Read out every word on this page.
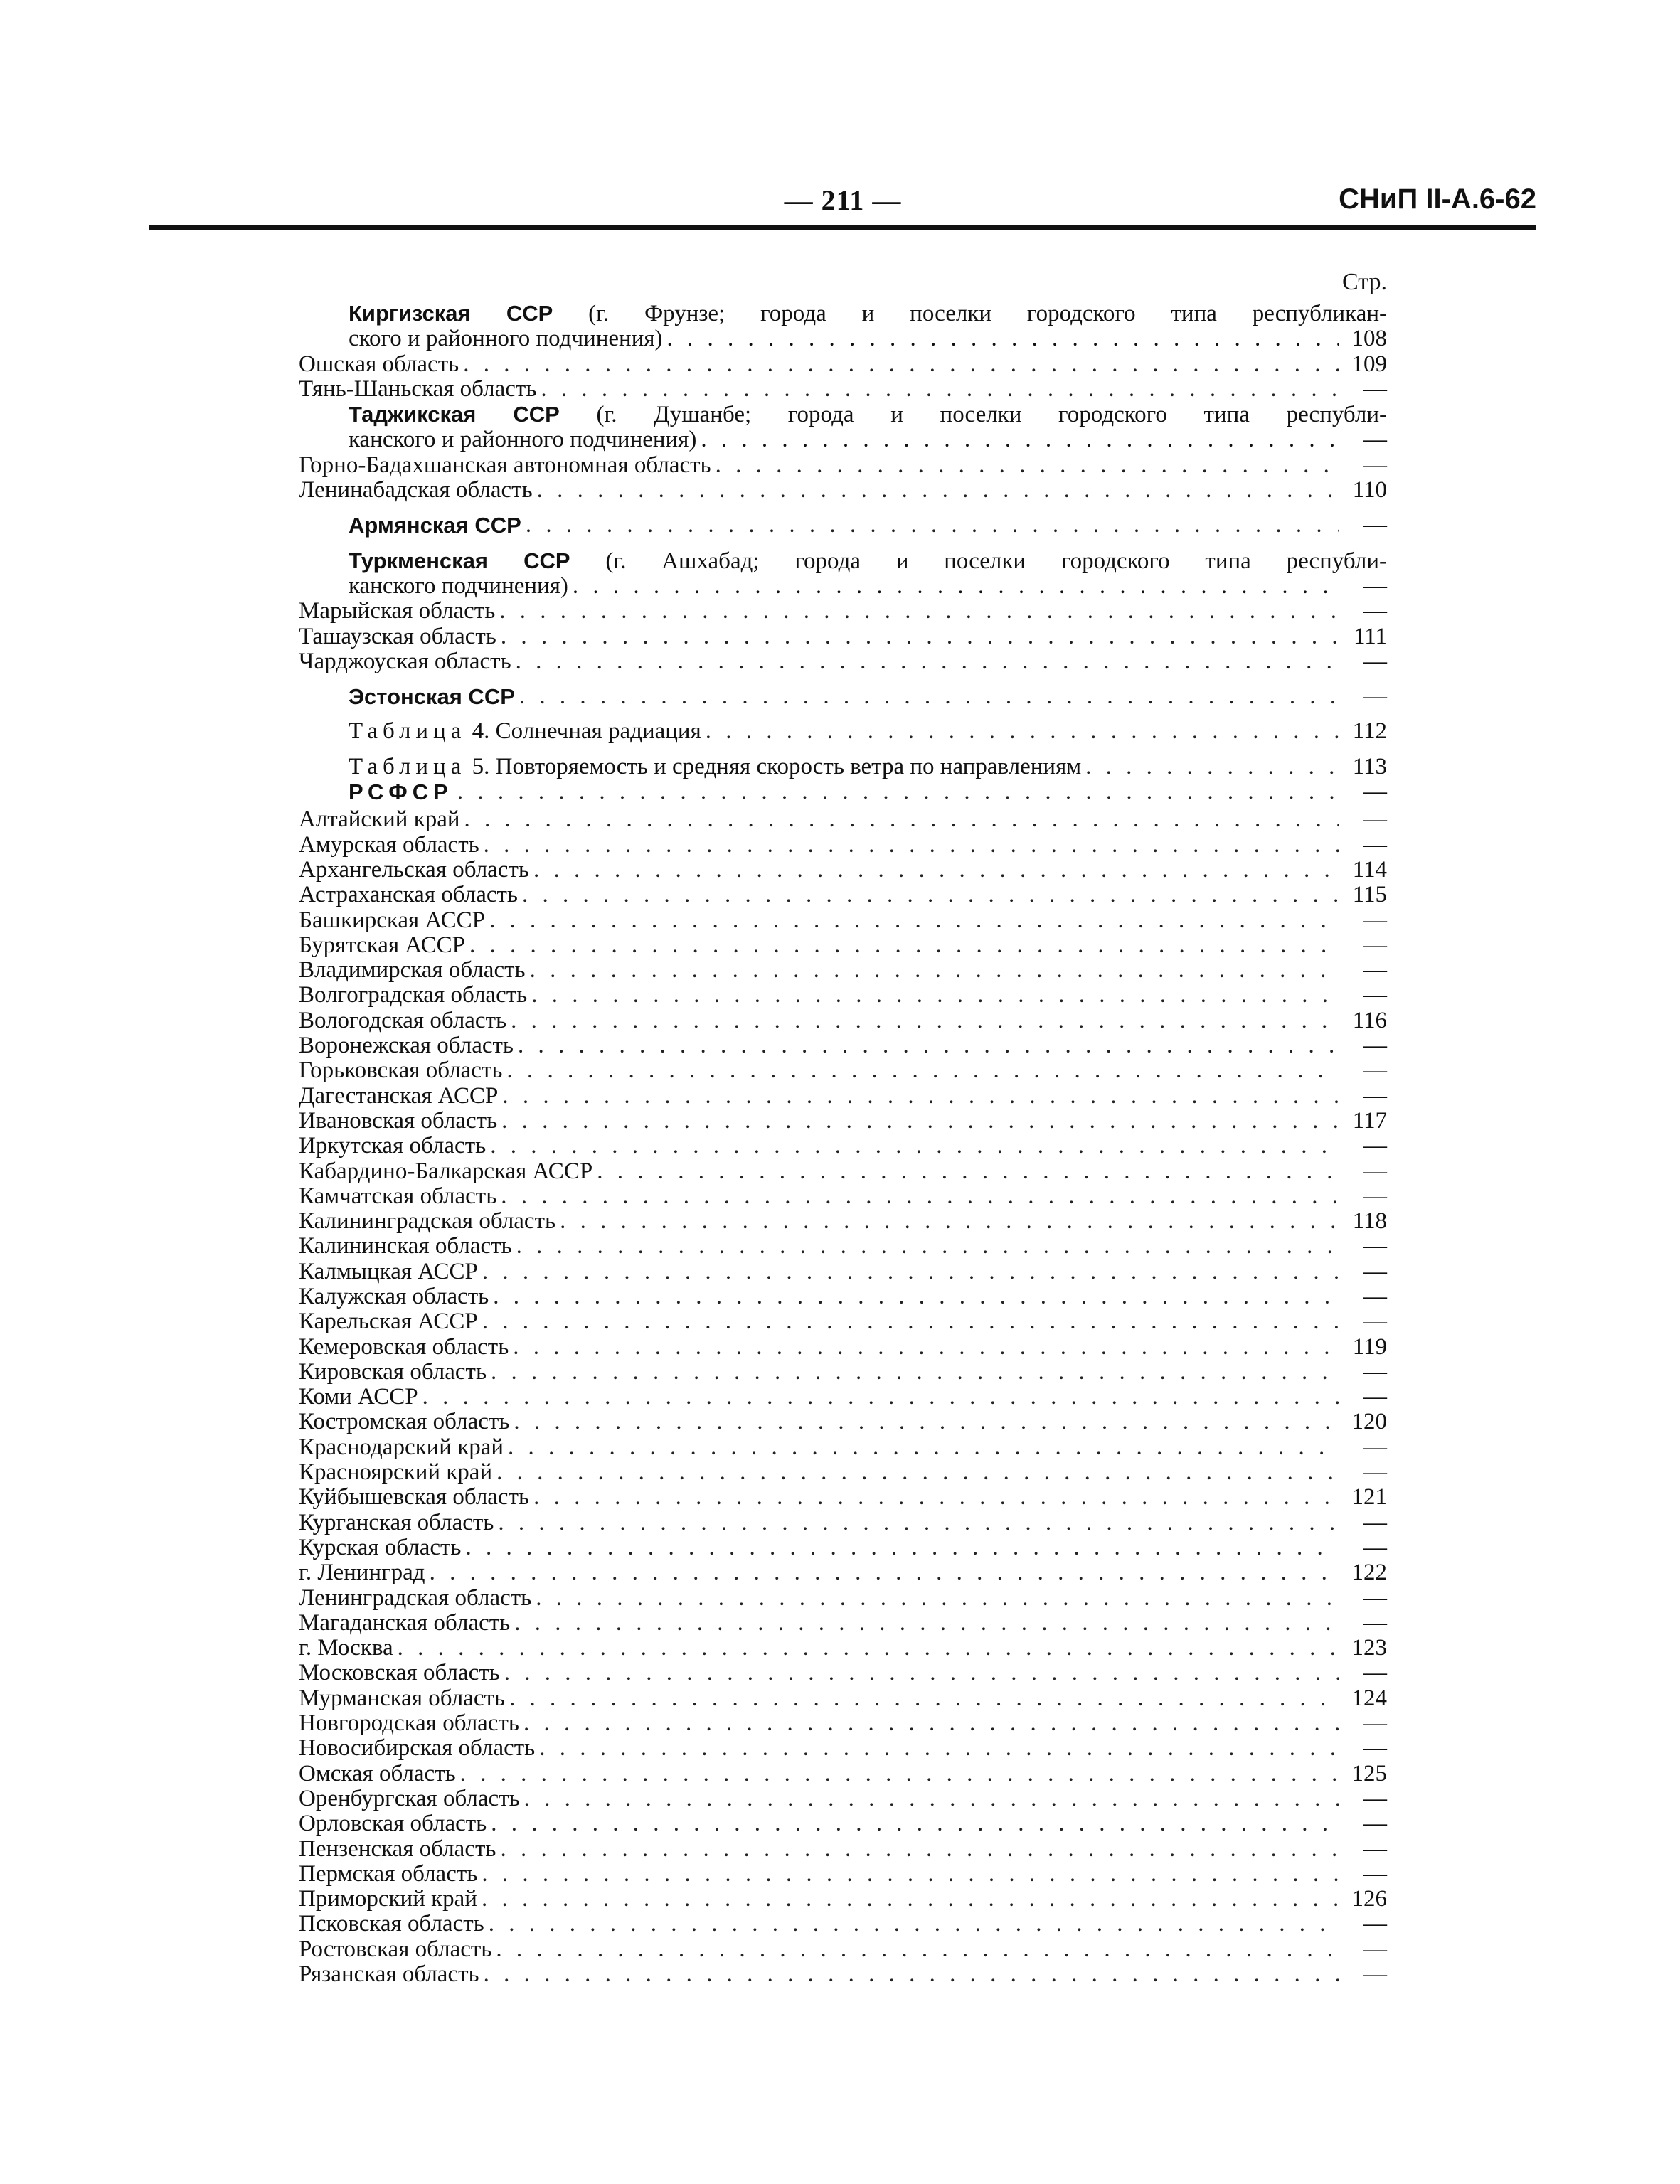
— 211 —	СНиП II-А.6-62
Стр.
Киргизская ССР (г. Фрунзе; города и поселки городского типа республикан-
ского и районного подчинения) . . .	108
Ошская область . . .	109
Тянь-Шаньская область . . .	—
Таджикская ССР (г. Душанбе; города и поселки городского типа республи-
канского и районного подчинения) . . .	—
Горно-Бадахшанская автономная область . . .	—
Ленинабадская область . . .	110
Армянская ССР . . .	—
Туркменская ССР (г. Ашхабад; города и поселки городского типа республи-
канского подчинения) . . .	—
Марыйская область . . .	—
Ташаузская область . . .	111
Чарджоуская область . . .	—
Эстонская ССР . . .	—
Таблица 4. Солнечная радиация . . .	112
Таблица 5. Повторяемость и средняя скорость ветра по направлениям . . .	113
РСФСР . . .	—
Алтайский край . . .	—
Амурская область . . .	—
Архангельская область . . .	114
Астраханская область . . .	115
Башкирская АССР . . .	—
Бурятская АССР . . .	—
Владимирская область . . .	—
Волгоградская область . . .	—
Вологодская область . . .	116
Воронежская область . . .	—
Горьковская область . . .	—
Дагестанская АССР . . .	—
Ивановская область . . .	117
Иркутская область . . .	—
Кабардино-Балкарская АССР . . .	—
Камчатская область . . .	—
Калининградская область . . .	118
Калининская область . . .	—
Калмыцкая АССР . . .	—
Калужская область . . .	—
Карельская АССР . . .	—
Кемеровская область . . .	119
Кировская область . . .	—
Коми АССР . . .	—
Костромская область . . .	120
Краснодарский край . . .	—
Красноярский край . . .	—
Куйбышевская область . . .	121
Курганская область . . .	—
Курская область . . .	—
г. Ленинград . . .	122
Ленинградская область . . .	—
Магаданская область . . .	—
г. Москва . . .	123
Московская область . . .	—
Мурманская область . . .	124
Новгородская область . . .	—
Новосибирская область . . .	—
Омская область . . .	125
Оренбургская область . . .	—
Орловская область . . .	—
Пензенская область . . .	—
Пермская область . . .	—
Приморский край . . .	126
Псковская область . . .	—
Ростовская область . . .	—
Рязанская область . . .	—
